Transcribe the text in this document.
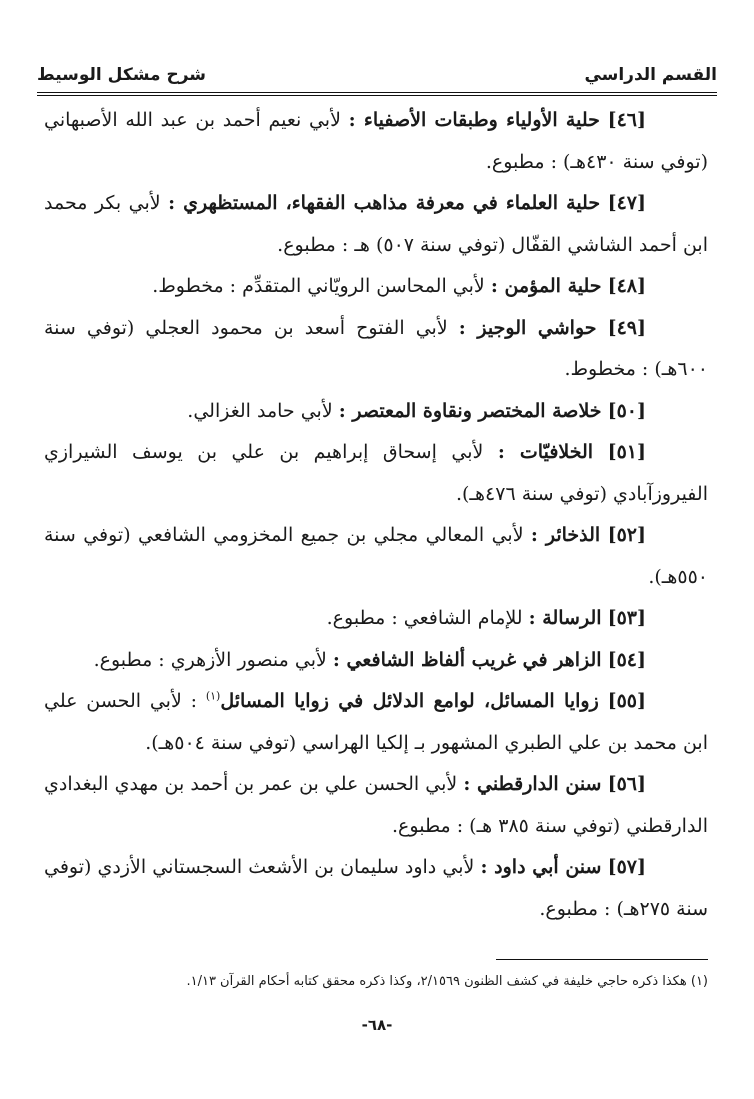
القسم الدراسي
شرح مشكل الوسيط

[٤٦] حلية الأولياء وطبقات الأصفياء : لأبي نعيم أحمد بن عبد الله الأصبهاني (توفي سنة ٤٣٠هـ) : مطبوع.

[٤٧] حلية العلماء في معرفة مذاهب الفقهاء، المستظهري : لأبي بكر محمد ابن أحمد الشاشي القفّال (توفي سنة ٥٠٧) هـ : مطبوع.

[٤٨] حلية المؤمن : لأبي المحاسن الرويّاني المتقدِّم : مخطوط.

[٤٩] حواشي الوجيز : لأبي الفتوح أسعد بن محمود العجلي (توفي سنة ٦٠٠هـ) : مخطوط.

[٥٠] خلاصة المختصر ونقاوة المعتصر : لأبي حامد الغزالي.

[٥١] الخلافيّات : لأبي إسحاق إبراهيم بن علي بن يوسف الشيرازي الفيروزآبادي (توفي سنة ٤٧٦هـ).

[٥٢] الذخائر : لأبي المعالي مجلي بن جميع المخزومي الشافعي (توفي سنة ٥٥٠هـ).

[٥٣] الرسالة : للإمام الشافعي : مطبوع.

[٥٤] الزاهر في غريب ألفاظ الشافعي : لأبي منصور الأزهري : مطبوع.

[٥٥] زوايا المسائل، لوامع الدلائل في زوايا المسائل$^{(١)}$ : لأبي الحسن علي ابن محمد بن علي الطبري المشهور بـ إلكيا الهراسي (توفي سنة ٥٠٤هـ).

[٥٦] سنن الدارقطني : لأبي الحسن علي بن عمر بن أحمد بن مهدي البغدادي الدارقطني (توفي سنة ٣٨٥ هـ) : مطبوع.

[٥٧] سنن أبي داود : لأبي داود سليمان بن الأشعث السجستاني الأزدي (توفي سنة ٢٧٥هـ) : مطبوع.

(١) هكذا ذكره حاجي خليفة في كشف الظنون ٢/١٥٦٩، وكذا ذكره محقق كتابه أحكام القرآن ١/١٣.
-٦٨-
